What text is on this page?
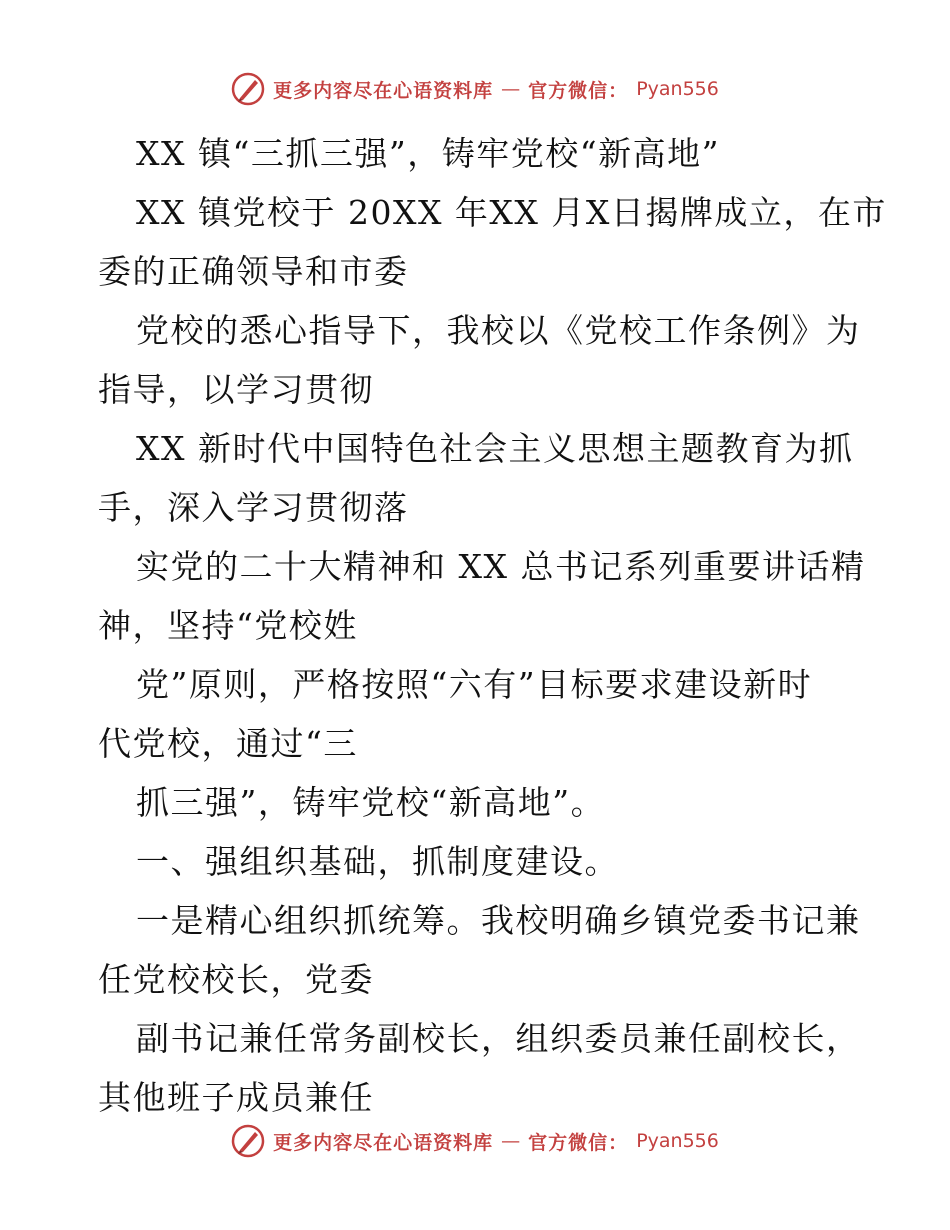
更多内容尽在心语资料库 — 官方微信： Pyan556
XX 镇“三抓三强”，铸牢党校“新高地”
XX 镇党校于 20XX 年XX 月X日揭牌成立，在市
委的正确领导和市委
党校的悉心指导下，我校以《党校工作条例》为
指导，以学习贯彻
XX 新时代中国特色社会主义思想主题教育为抓
手，深入学习贯彻落
实党的二十大精神和 XX 总书记系列重要讲话精
神，坚持“党校姓
党”原则，严格按照“六有”目标要求建设新时
代党校，通过“三
抓三强”，铸牢党校“新高地”。
一、强组织基础，抓制度建设。
一是精心组织抓统筹。我校明确乡镇党委书记兼
任党校校长，党委
副书记兼任常务副校长，组织委员兼任副校长，
其他班子成员兼任
更多内容尽在心语资料库 — 官方微信： Pyan556
